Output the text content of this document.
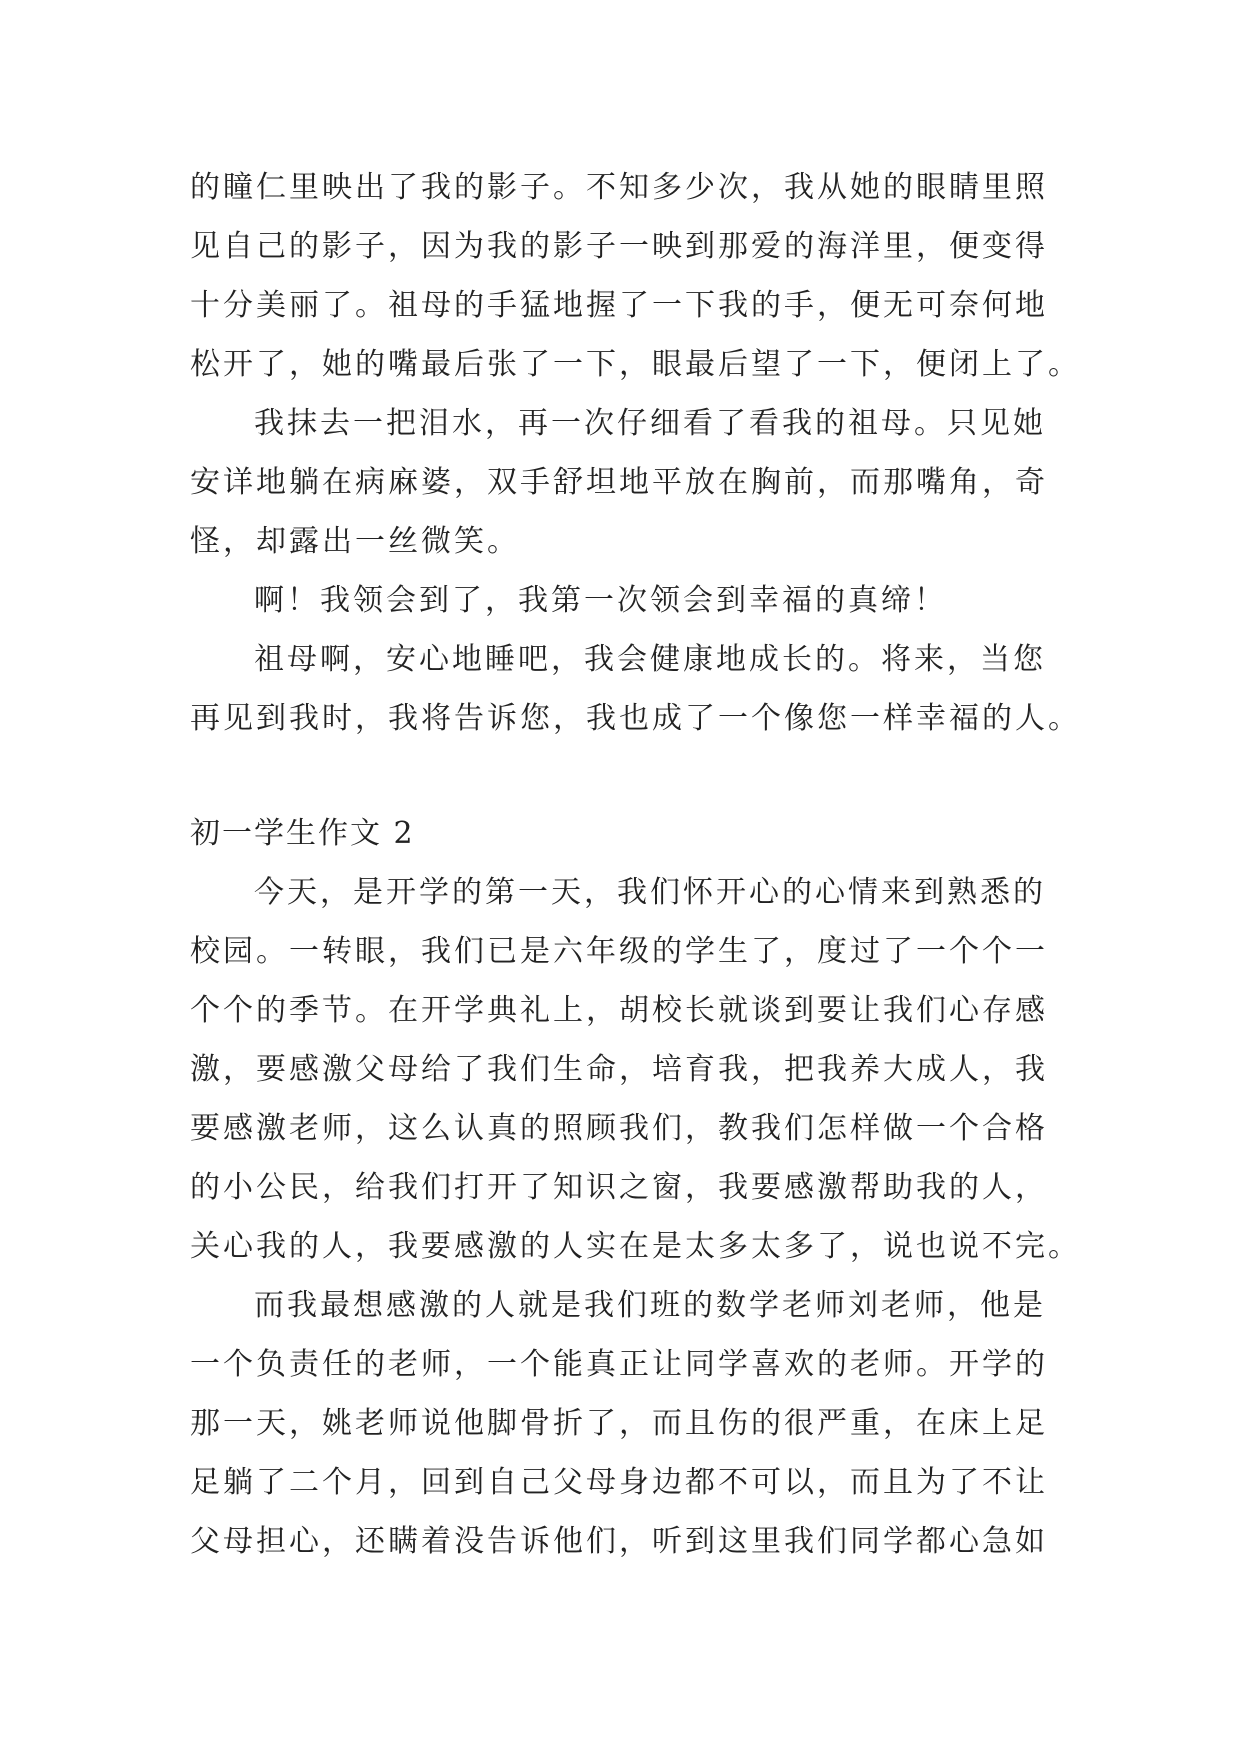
的瞳仁里映出了我的影子。不知多少次，我从她的眼睛里照
见自己的影子，因为我的影子一映到那爱的海洋里，便变得
十分美丽了。祖母的手猛地握了一下我的手，便无可奈何地
松开了，她的嘴最后张了一下，眼最后望了一下，便闭上了。
我抹去一把泪水，再一次仔细看了看我的祖母。只见她
安详地躺在病麻婆，双手舒坦地平放在胸前，而那嘴角，奇
怪，却露出一丝微笑。
啊！我领会到了，我第一次领会到幸福的真缔！
祖母啊，安心地睡吧，我会健康地成长的。将来，当您
再见到我时，我将告诉您，我也成了一个像您一样幸福的人。
初一学生作文 2
今天，是开学的第一天，我们怀开心的心情来到熟悉的
校园。一转眼，我们已是六年级的学生了，度过了一个个一
个个的季节。在开学典礼上，胡校长就谈到要让我们心存感
激，要感激父母给了我们生命，培育我，把我养大成人，我
要感激老师，这么认真的照顾我们，教我们怎样做一个合格
的小公民，给我们打开了知识之窗，我要感激帮助我的人，
关心我的人，我要感激的人实在是太多太多了，说也说不完。
而我最想感激的人就是我们班的数学老师刘老师，他是
一个负责任的老师，一个能真正让同学喜欢的老师。开学的
那一天，姚老师说他脚骨折了，而且伤的很严重，在床上足
足躺了二个月，回到自己父母身边都不可以，而且为了不让
父母担心，还瞒着没告诉他们，听到这里我们同学都心急如
